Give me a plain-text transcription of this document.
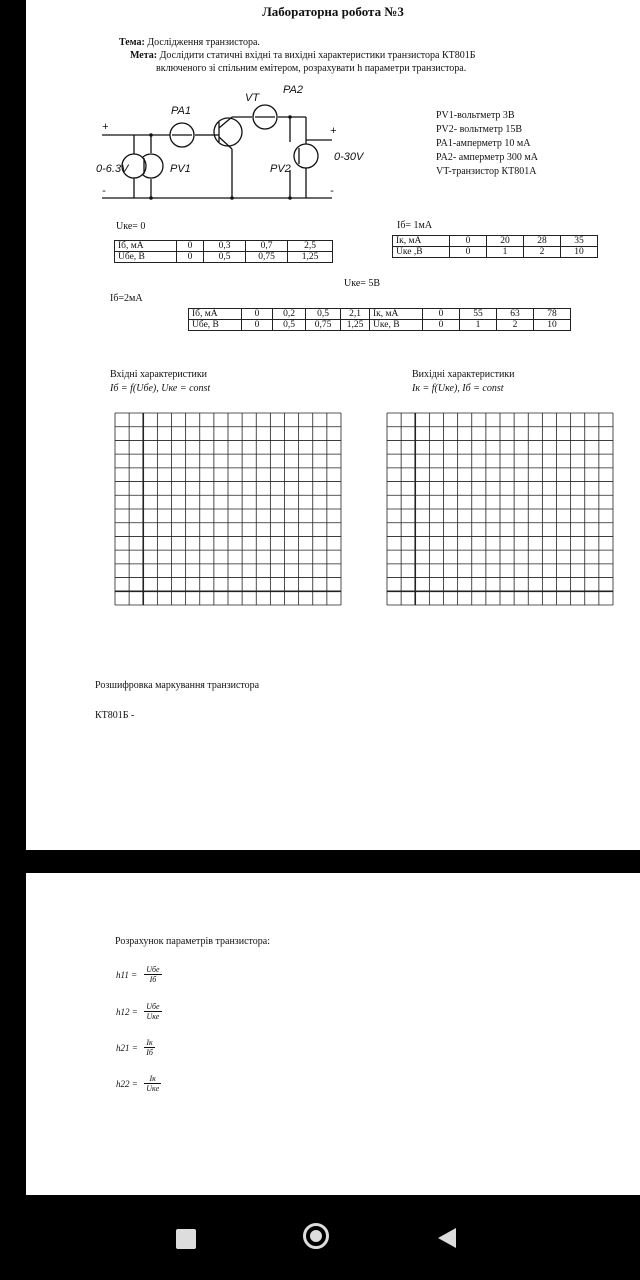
Лабораторна робота №3
Тема: Дослідження транзистора.
Мета: Дослідити статичні вхідні та вихідні характеристики транзистора КТ801Б
включеного зі спільним емітером, розрахувати h параметри транзистора.
+
-
+
-
0-6.3V
0-30V
PA1
PA2
VT
PV1	PV2
PV1-вольтметр 3В
PV2- вольтметр 15В
PA1-амперметр 10 мА
PA2- амперметр 300 мА
VT-транзистор КТ801А
Uке= 0
Iб, мА	0	0,3	0,7	2,5
Uбе, В	0	0,5	0,75	1,25
Iб= 1мА
Iк, мА	0	20	28	35
Uке ,В	0	1	2	10
Uке= 5В
Iб=2мА
Iб, мА	0	0,2	0,5	2,1	Iк, мА	0	55	63	78
Uбе, В	0	0,5	0,75	1,25	Uке, В	0	1	2	10
Вхідні характеристики
Iб = f(Uбе), Uке = const
Вихідні характеристики
Iк = f(Uке), Iб = const
Розшифровка маркування транзистора
КТ801Б -
Розрахунок параметрів транзистора:
$h11 = \frac{\text{Uбе}}{Iб}$
$h12 = \frac{\text{Uбе}}{\text{Uке}}$
$h21 = \frac{Iк}{Iб}$
$h22 = \frac{Iк}{\text{Uке}}$
